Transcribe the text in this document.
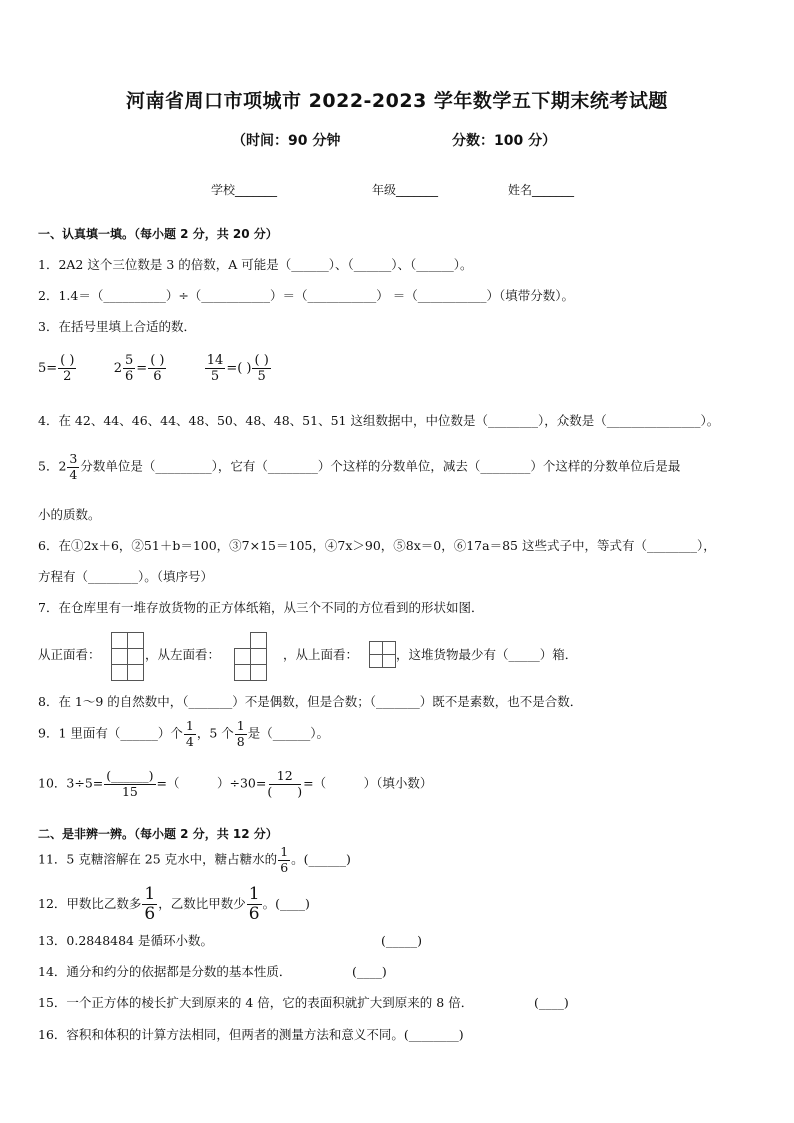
河南省周口市项城市 2022-2023 学年数学五下期末统考试题
（时间：90 分钟	分数：100 分）
学校_______	年级_______	姓名_______
一、认真填一填。（每小题 2 分，共 20 分）
1．2A2 这个三位数是 3 的倍数，A 可能是（______）、（______）、（______）。
2．1.4＝（__________）÷（___________）＝（___________） ＝（___________）（填带分数）。
3．在括号里填上合适的数．
$5= \frac{( )}{2}$	$2 \frac{5}{6} = \frac{( )}{6}$
	$\frac{14}{5}$ =( ) $\frac{( )}{5}$
4．在 42、44、46、44、48、50、48、48、51、51 这组数据中，中位数是（________），众数是（_______________）。
5．$2 \frac{3}{4}$ 分数单位是（_________），它有（________）个这样的分数单位，减去（________）个这样的分数单位后是最
小的质数。
6．在①2x＋6，②51＋b＝100，③7×15＝105，④7x＞90，⑤8x＝0，⑥17a＝85 这些式子中，等式有（________），
方程有（________）。（填序号）
7．在仓库里有一堆存放货物的正方体纸箱，从三个不同的方位看到的形状如图．
从正面看：	，从左面看：	，从上面看：	，这堆货物最少有（_____）箱．
8．在 1～9 的自然数中，（_______）不是偶数，但是合数；（_______）既不是素数，也不是合数．
9．1 里面有（______）个 $\frac{1}{4}$ ，5 个 $\frac{1}{8}$ 是（______）。
10．$3\div 5= \frac{(\_\_\_\_\_\_)}{15}$ =（　　　）$\div 30= \frac{12}{( )}$ =（　　　）（填小数）
二、是非辨一辨。（每小题 2 分，共 12 分）
11．5 克糖溶解在 25 克水中，糖占糖水的 $\frac{1}{6}$ 。(______)
12．甲数比乙数多 $\frac{1}{6}$ ，乙数比甲数少 $\frac{1}{6}$ 。(____)
13．0.2848484 是循环小数。	(_____)
14．通分和约分的依据都是分数的基本性质．	(____)
15．一个正方体的棱长扩大到原来的 4 倍，它的表面积就扩大到原来的 8 倍．	(____)
16．容积和体积的计算方法相同，但两者的测量方法和意义不同。(________)
